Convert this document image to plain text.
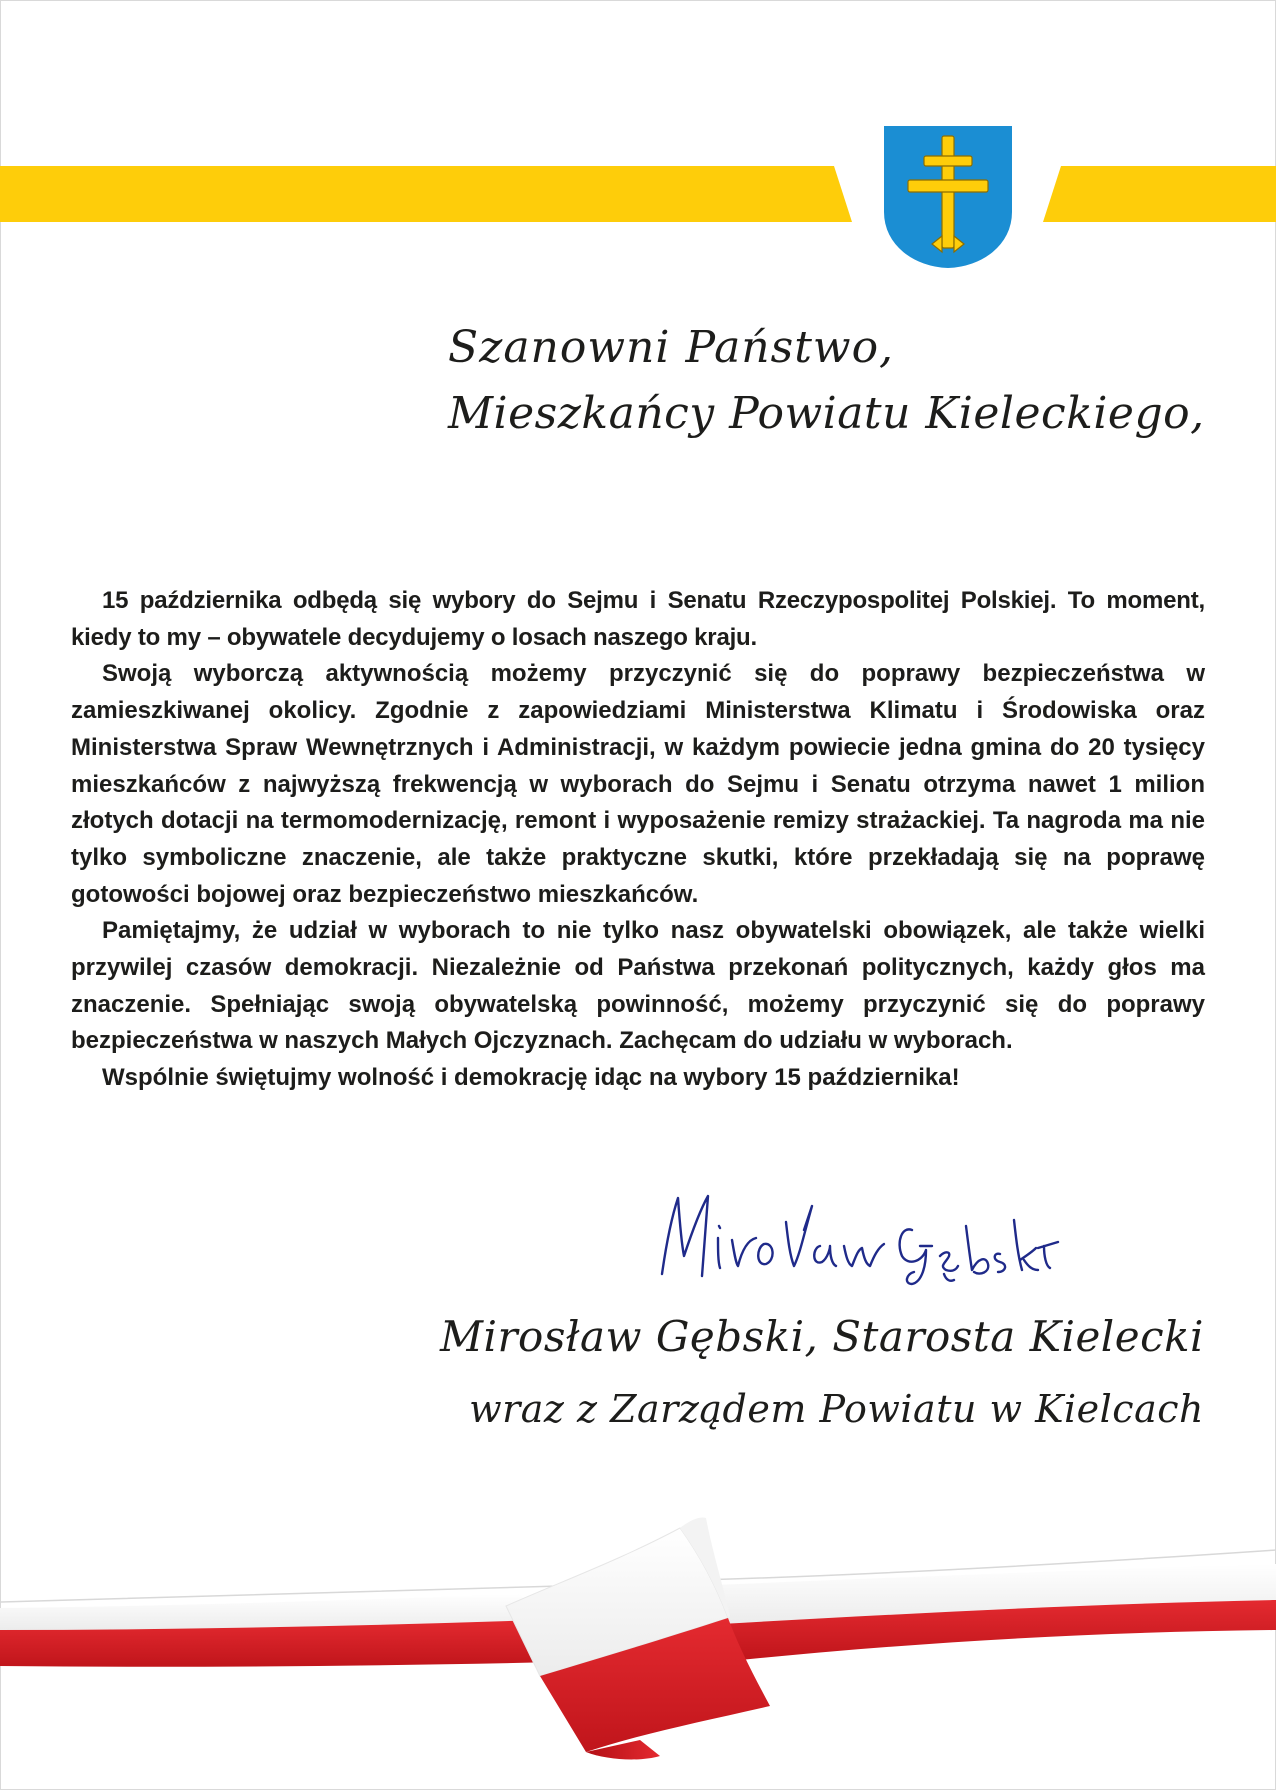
Szanowni Państwo,
Mieszkańcy Powiatu Kieleckiego,

15 października odbędą się wybory do Sejmu i Senatu Rzeczypospolitej Polskiej. To moment, kiedy to my – obywatele decydujemy o losach naszego kraju.

Swoją wyborczą aktywnością możemy przyczynić się do poprawy bezpieczeństwa w zamieszkiwanej okolicy. Zgodnie z zapowiedziami Ministerstwa Klimatu i Środowiska oraz Ministerstwa Spraw Wewnętrznych i Administracji, w każdym powiecie jedna gmina do 20 tysięcy mieszkańców z najwyższą frekwencją w wyborach do Sejmu i Senatu otrzyma nawet 1 milion złotych dotacji na termomodernizację, remont i wyposażenie remizy strażackiej. Ta nagroda ma nie tylko symboliczne znaczenie, ale także praktyczne skutki, które przekładają się na poprawę gotowości bojowej oraz bezpieczeństwo mieszkańców.

Pamiętajmy, że udział w wyborach to nie tylko nasz obywatelski obowiązek, ale także wielki przywilej czasów demokracji. Niezależnie od Państwa przekonań politycznych, każdy głos ma znaczenie. Spełniając swoją obywatelską powinność, możemy przyczynić się do poprawy bezpieczeństwa w naszych Małych Ojczyznach. Zachęcam do udziału w wyborach.

Wspólnie świętujmy wolność i demokrację idąc na wybory 15 października!

Mirosław Gębski, Starosta Kielecki
wraz z Zarządem Powiatu w Kielcach
